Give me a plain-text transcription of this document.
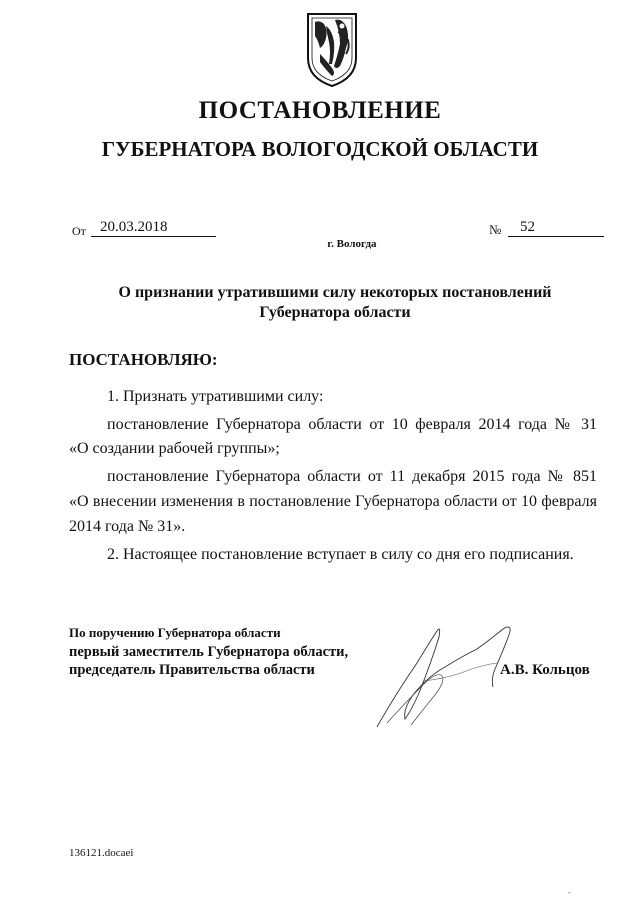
ПОСТАНОВЛЕНИЕ
ГУБЕРНАТОРА ВОЛОГОДСКОЙ ОБЛАСТИ
От 20.03.2018	№	52
г. Вологда
О признании утратившими силу некоторых постановлений
Губернатора области
ПОСТАНОВЛЯЮ:
1. Признать утратившими силу:
постановление Губернатора области от 10 февраля 2014 года № 31
«О создании рабочей группы»;
постановление Губернатора области от 11 декабря 2015 года № 851
«О внесении изменения в постановление Губернатора области от 10 февраля
2014 года № 31».
2. Настоящее постановление вступает в силу со дня его подписания.
По поручению Губернатора области
первый заместитель Губернатора области,
председатель Правительства области	А.В. Кольцов
136121.docaei
"
